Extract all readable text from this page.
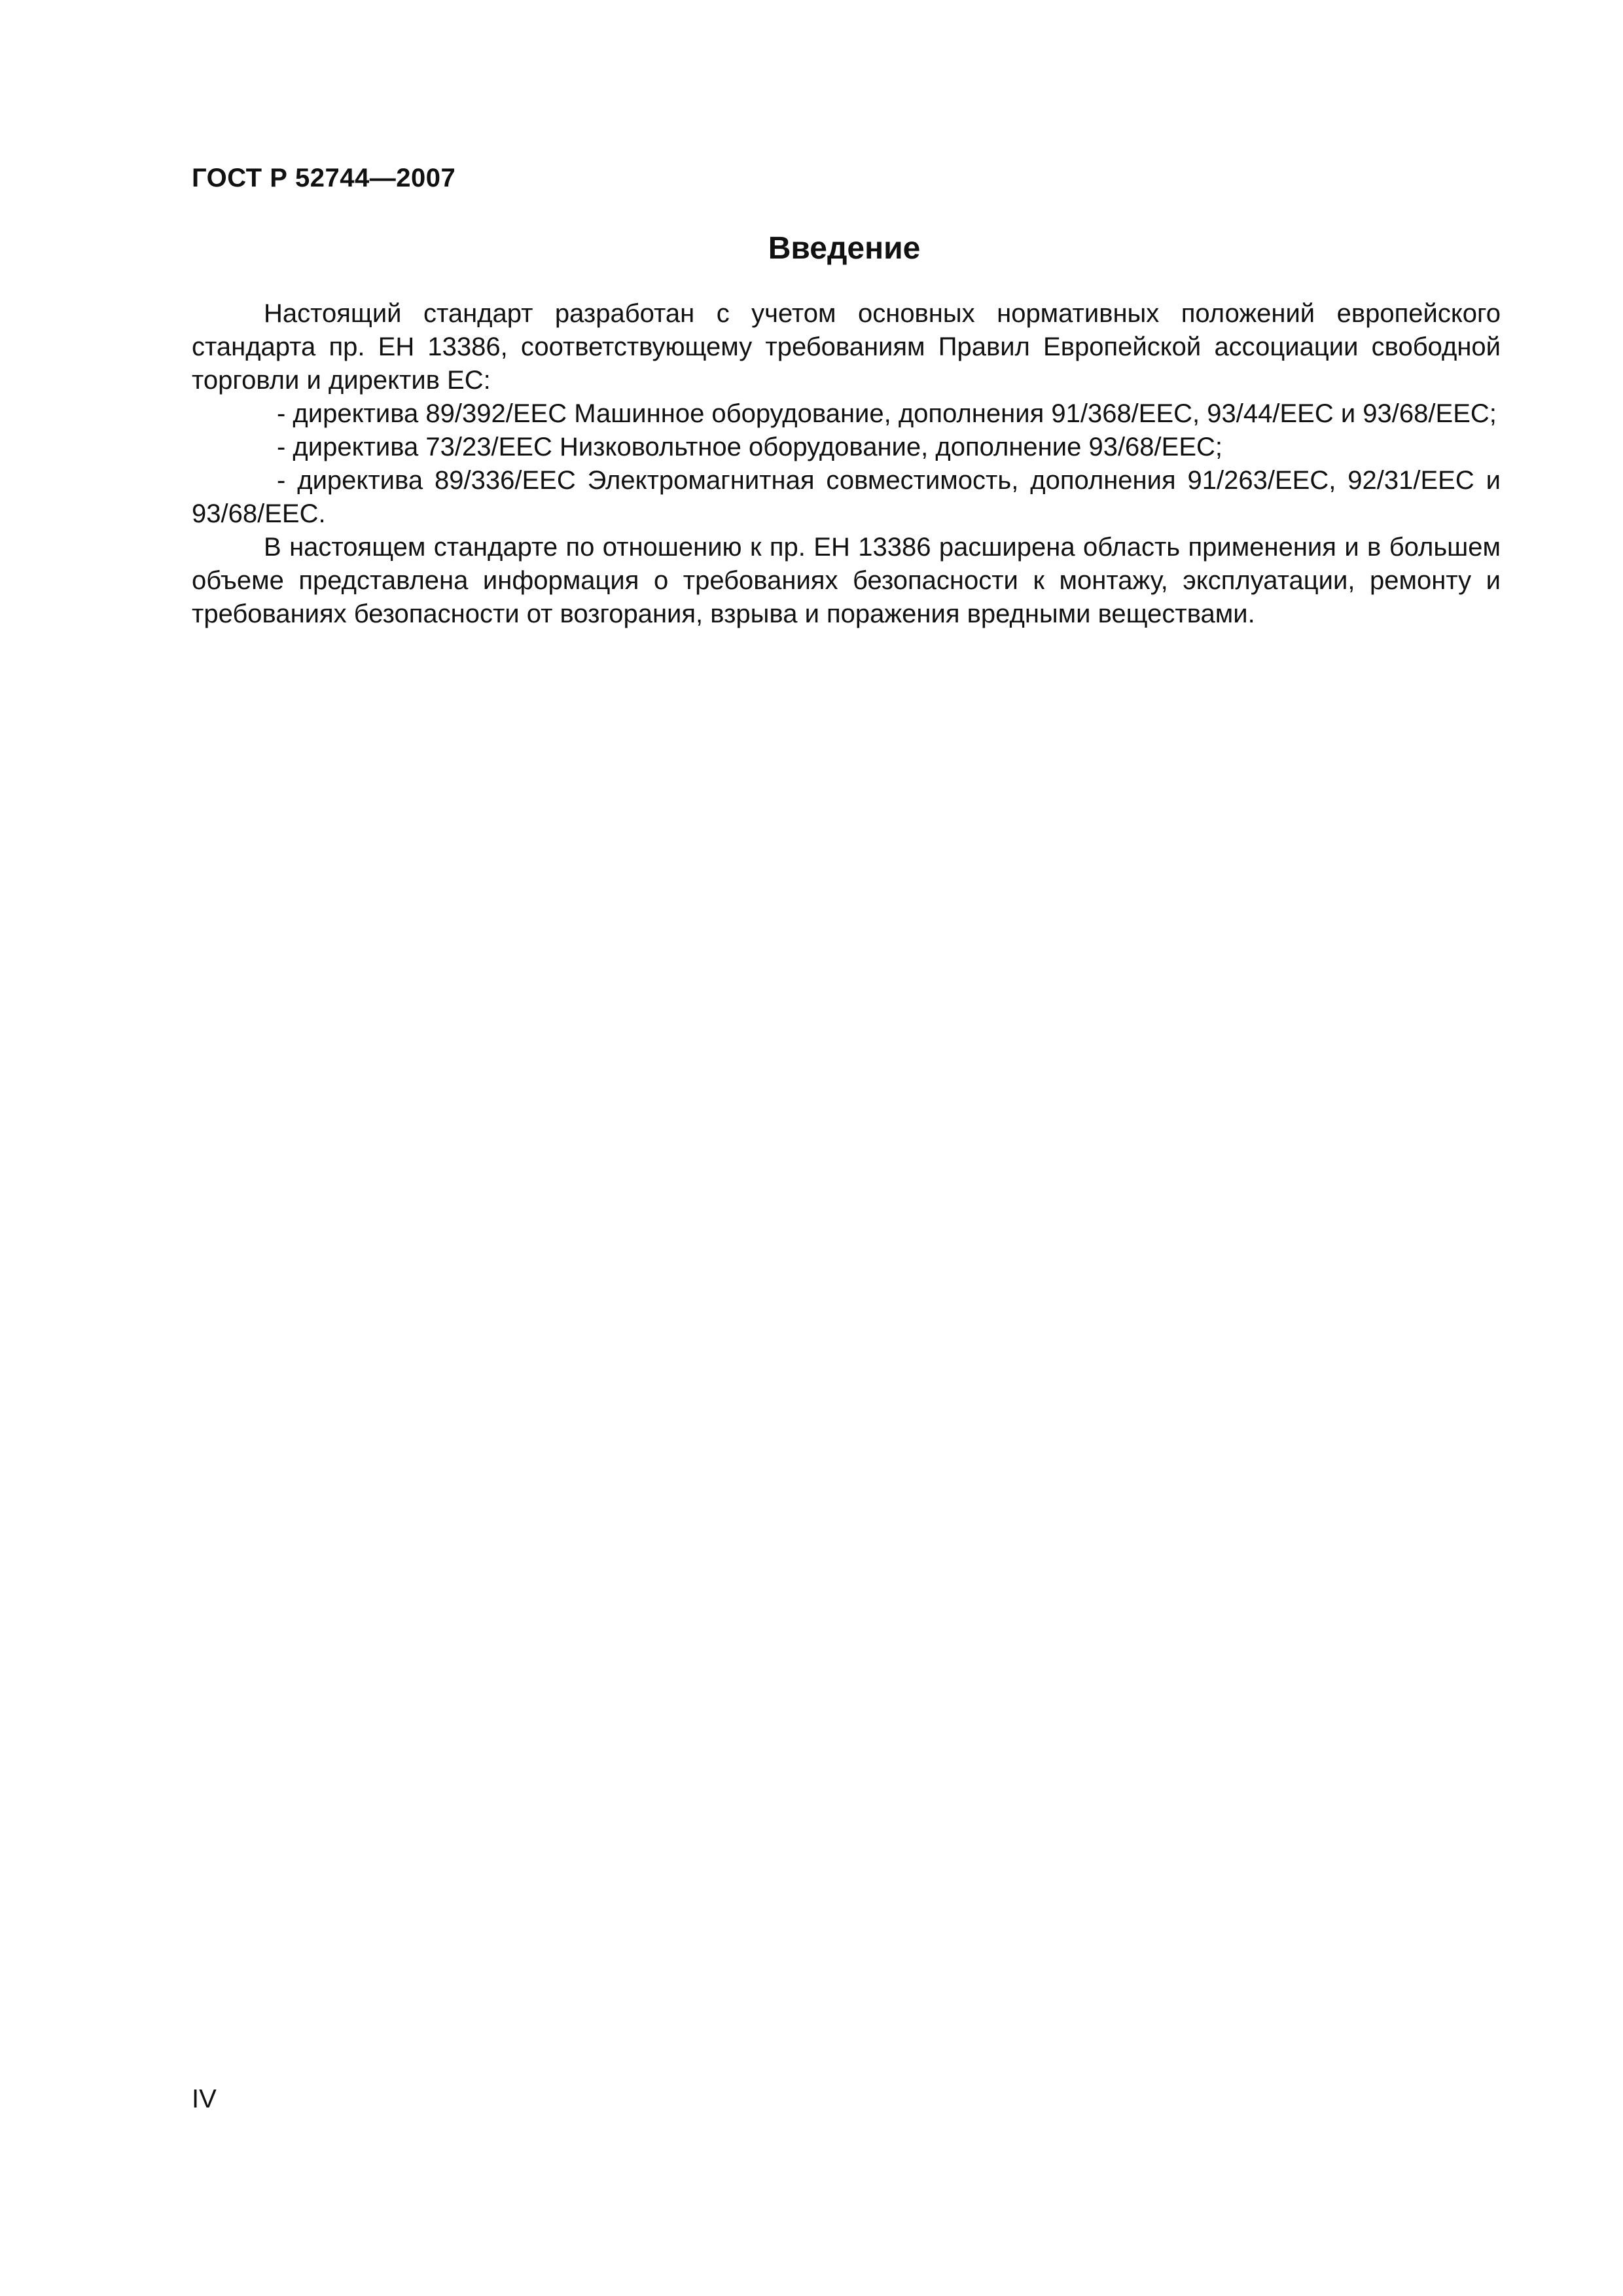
ГОСТ Р 52744—2007
Введение

Настоящий стандарт разработан с учетом основных нормативных положений европейского стандарта пр. ЕН 13386, соответствующему требованиям Правил Европейской ассоциации свободной торговли и директив ЕС:

- директива 89/392/ЕЕС Машинное оборудование, дополнения 91/368/ЕЕС, 93/44/ЕЕС и 93/68/ЕЕС;

- директива 73/23/ЕЕС Низковольтное оборудование, дополнение 93/68/ЕЕС;

- директива 89/336/ЕЕС Электромагнитная совместимость, дополнения 91/263/ЕЕС, 92/31/ЕЕС и 93/68/ЕЕС.

В настоящем стандарте по отношению к пр. ЕН 13386 расширена область применения и в большем объеме представлена информация о требованиях безопасности к монтажу, эксплуатации, ремонту и требованиях безопасности от возгорания, взрыва и поражения вредными веществами.

IV
